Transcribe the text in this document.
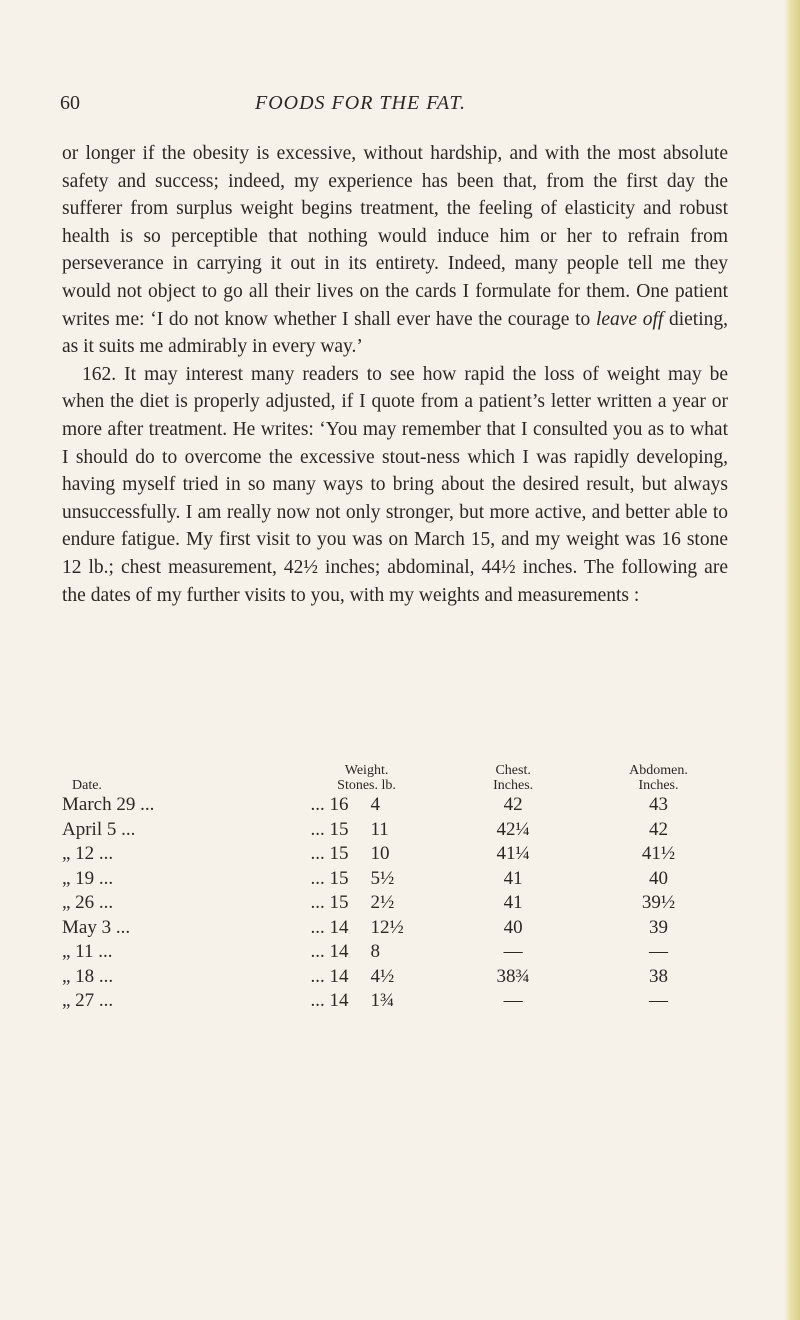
60	FOODS FOR THE FAT.

or longer if the obesity is excessive, without hardship, and with the most absolute safety and success; indeed, my experience has been that, from the first day the sufferer from surplus weight begins treatment, the feeling of elasticity and robust health is so perceptible that nothing would induce him or her to refrain from perseverance in carrying it out in its entirety. Indeed, many people tell me they would not object to go all their lives on the cards I formulate for them. One patient writes me: ‘I do not know whether I shall ever have the courage to leave off dieting, as it suits me admirably in every way.’

162. It may interest many readers to see how rapid the loss of weight may be when the diet is properly adjusted, if I quote from a patient’s letter written a year or more after treatment. He writes: ‘You may remember that I consulted you as to what I should do to overcome the excessive stout-ness which I was rapidly developing, having myself tried in so many ways to bring about the desired result, but always unsuccessfully. I am really now not only stronger, but more active, and better able to endure fatigue. My first visit to you was on March 15, and my weight was 16 stone 12 lb.; chest measurement, 42½ inches; abdominal, 44½ inches. The following are the dates of my further visits to you, with my weights and measurements :

	Weight.		Chest.	Abdomen.
Date.	Stones. lb.		Inches.	Inches.
March 29 ...	... 16	4	42	43
April 5 ...	... 15	11	42¼	42
„ 12 ...	... 15	10	41¼	41½
„ 19 ...	... 15	5½	41	40
„ 26 ...	... 15	2½	41	39½
May 3 ...	... 14	12½	40	39
„ 11 ...	... 14	8	—	—
„ 18 ...	... 14	4½	38¾	38
„ 27 ...	... 14	1¾	—	—
